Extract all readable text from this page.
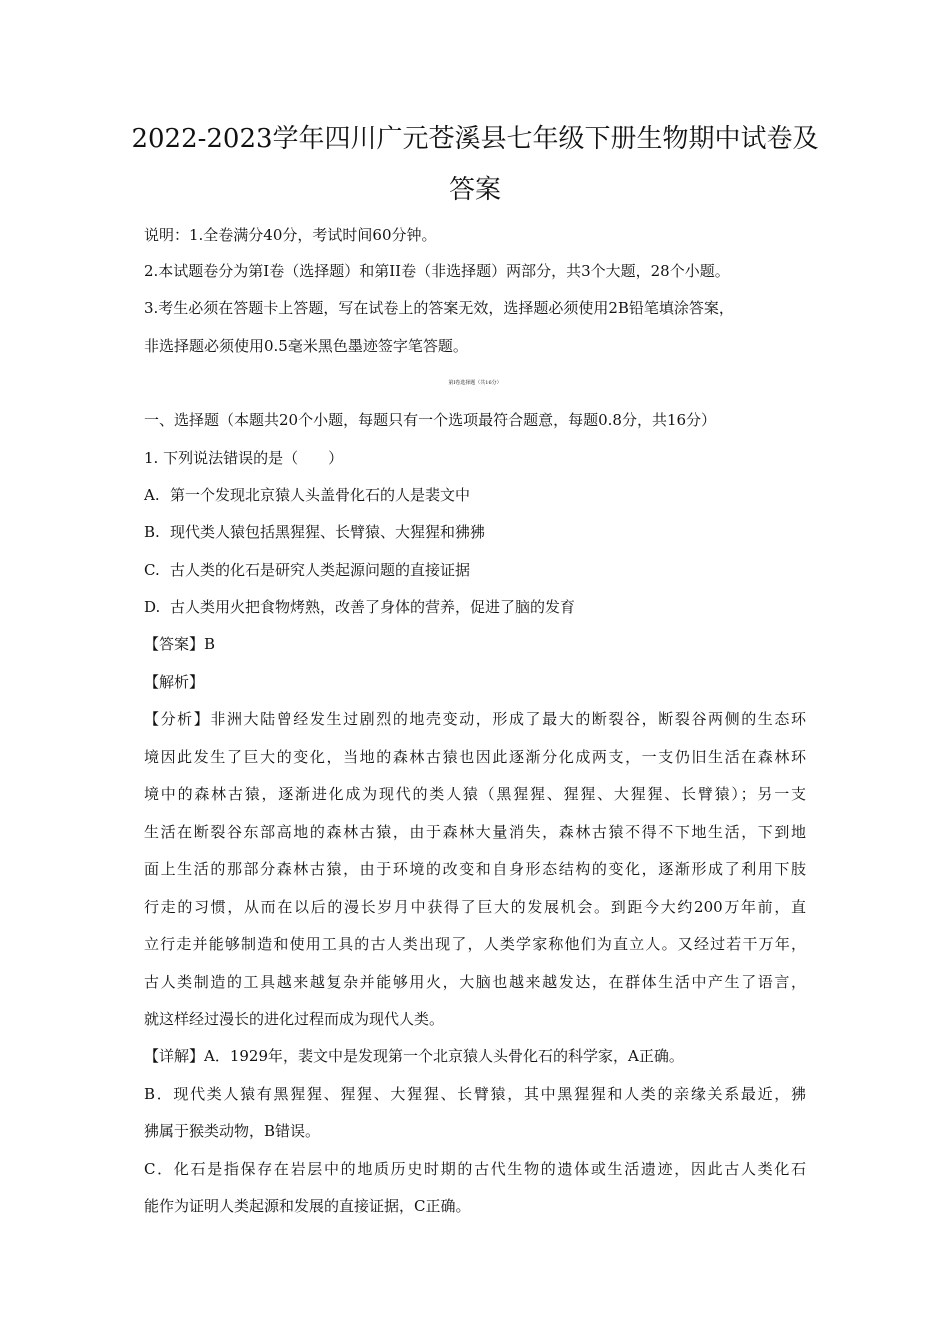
2022-2023学年四川广元苍溪县七年级下册生物期中试卷及
答案
说明：1.全卷满分40分，考试时间60分钟。
2.本试题卷分为第Ⅰ卷（选择题）和第II卷（非选择题）两部分，共3个大题，28个小题。
3.考生必须在答题卡上答题，写在试卷上的答案无效，选择题必须使用2B铅笔填涂答案，
非选择题必须使用0.5毫米黑色墨迹签字笔答题。
第Ⅰ卷选择题（共16分）
一、选择题（本题共20个小题，每题只有一个选项最符合题意，每题0.8分，共16分）
1. 下列说法错误的是（　　）
A. 第一个发现北京猿人头盖骨化石的人是裴文中
B. 现代类人猿包括黑猩猩、长臂猿、大猩猩和狒狒
C. 古人类的化石是研究人类起源问题的直接证据
D. 古人类用火把食物烤熟，改善了身体的营养，促进了脑的发育
【答案】B
【解析】
【分析】非洲大陆曾经发生过剧烈的地壳变动，形成了最大的断裂谷，断裂谷两侧的生态环
境因此发生了巨大的变化，当地的森林古猿也因此逐渐分化成两支，一支仍旧生活在森林环
境中的森林古猿，逐渐进化成为现代的类人猿（黑猩猩、猩猩、大猩猩、长臂猿）；另一支
生活在断裂谷东部高地的森林古猿，由于森林大量消失，森林古猿不得不下地生活，下到地
面上生活的那部分森林古猿，由于环境的改变和自身形态结构的变化，逐渐形成了利用下肢
行走的习惯，从而在以后的漫长岁月中获得了巨大的发展机会。到距今大约200万年前，直
立行走并能够制造和使用工具的古人类出现了，人类学家称他们为直立人。又经过若干万年，
古人类制造的工具越来越复杂并能够用火，大脑也越来越发达，在群体生活中产生了语言，
就这样经过漫长的进化过程而成为现代人类。
【详解】A．1929年，裴文中是发现第一个北京猿人头骨化石的科学家，A正确。
B．现代类人猿有黑猩猩、猩猩、大猩猩、长臂猿，其中黑猩猩和人类的亲缘关系最近，狒
狒属于猴类动物，B错误。
C．化石是指保存在岩层中的地质历史时期的古代生物的遗体或生活遗迹，因此古人类化石
能作为证明人类起源和发展的直接证据，C正确。
